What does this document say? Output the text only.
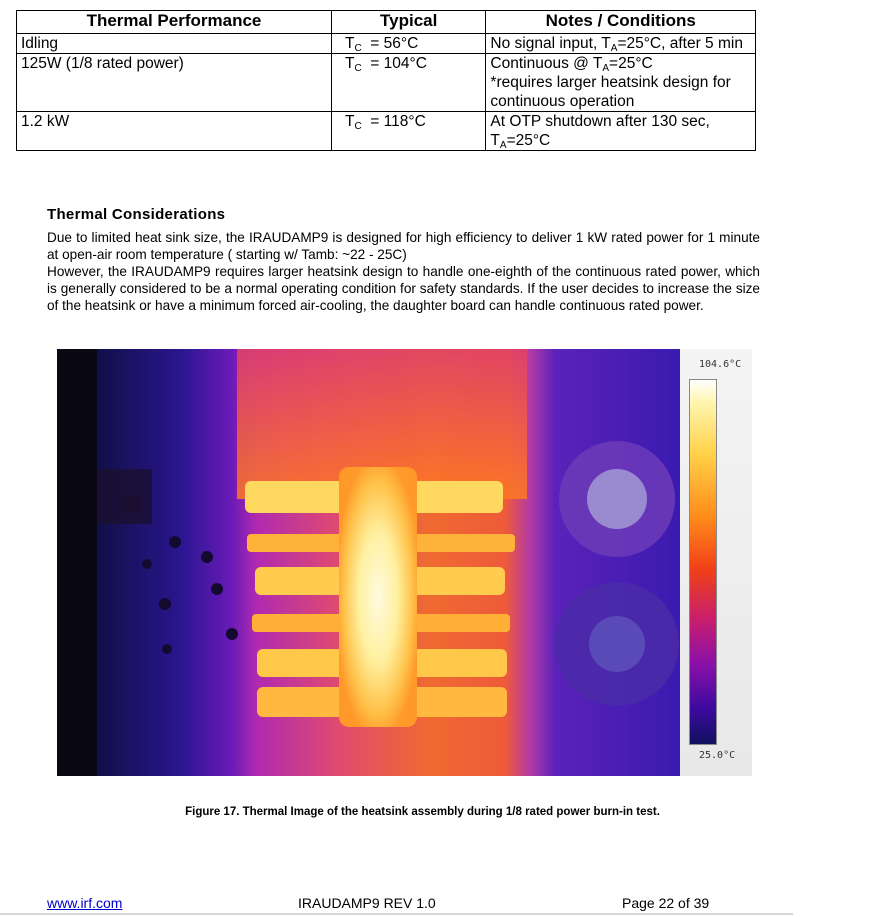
Thermal Performance	Typical	Notes / Conditions
Idling	$T_C = 56^\circ C$	No signal input, $T_A=25^\circ C$, after 5 min
125W (1/8 rated power)	$T_C = 104^\circ C$	Continuous @ $T_A=25^\circ C$
*requires larger heatsink design for continuous operation
1.2 kW	$T_C = 118^\circ C$	At OTP shutdown after 130 sec, $T_A=25^\circ C$
Thermal Considerations

Due to limited heat sink size, the IRAUDAMP9 is designed for high efficiency to deliver 1 kW rated power for 1 minute at open-air room temperature ( starting w/ Tamb: ~22 - 25C)

However, the IRAUDAMP9 requires larger heatsink design to handle one-eighth of the continuous rated power, which is generally considered to be a normal operating condition for safety standards. If the user decides to increase the size of the heatsink or have a minimum forced air-cooling, the daughter board can handle continuous rated power.

104.6°C
25.0°C

Figure 17. Thermal Image of the heatsink assembly during 1/8 rated power burn-in test.

www.irf.com	IRAUDAMP9 REV 1.0	Page 22 of 39
